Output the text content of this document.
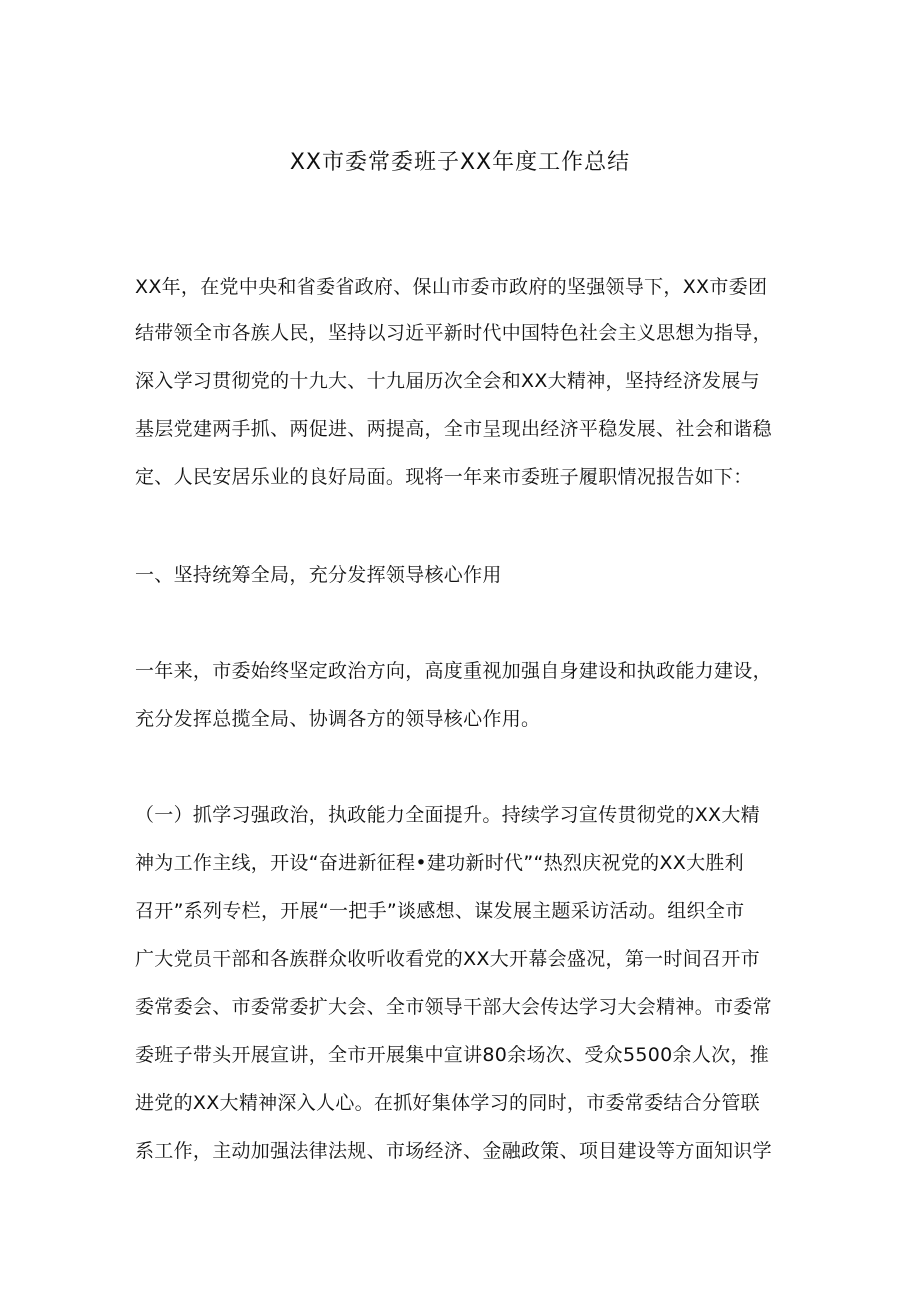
XX市委常委班子XX年度工作总结
XX年，在党中央和省委省政府、保山市委市政府的坚强领导下，XX市委团
结带领全市各族人民，坚持以习近平新时代中国特色社会主义思想为指导，
深入学习贯彻党的十九大、十九届历次全会和XX大精神，坚持经济发展与
基层党建两手抓、两促进、两提高，全市呈现出经济平稳发展、社会和谐稳
定、人民安居乐业的良好局面。现将一年来市委班子履职情况报告如下：
一、坚持统筹全局，充分发挥领导核心作用
一年来，市委始终坚定政治方向，高度重视加强自身建设和执政能力建设，
充分发挥总揽全局、协调各方的领导核心作用。
（一）抓学习强政治，执政能力全面提升。持续学习宣传贯彻党的XX大精
神为工作主线，开设“奋进新征程•建功新时代”“热烈庆祝党的XX大胜利
召开”系列专栏，开展“一把手”谈感想、谋发展主题采访活动。组织全市
广大党员干部和各族群众收听收看党的XX大开幕会盛况，第一时间召开市
委常委会、市委常委扩大会、全市领导干部大会传达学习大会精神。市委常
委班子带头开展宣讲，全市开展集中宣讲80余场次、受众5500余人次，推
进党的XX大精神深入人心。在抓好集体学习的同时，市委常委结合分管联
系工作，主动加强法律法规、市场经济、金融政策、项目建设等方面知识学
